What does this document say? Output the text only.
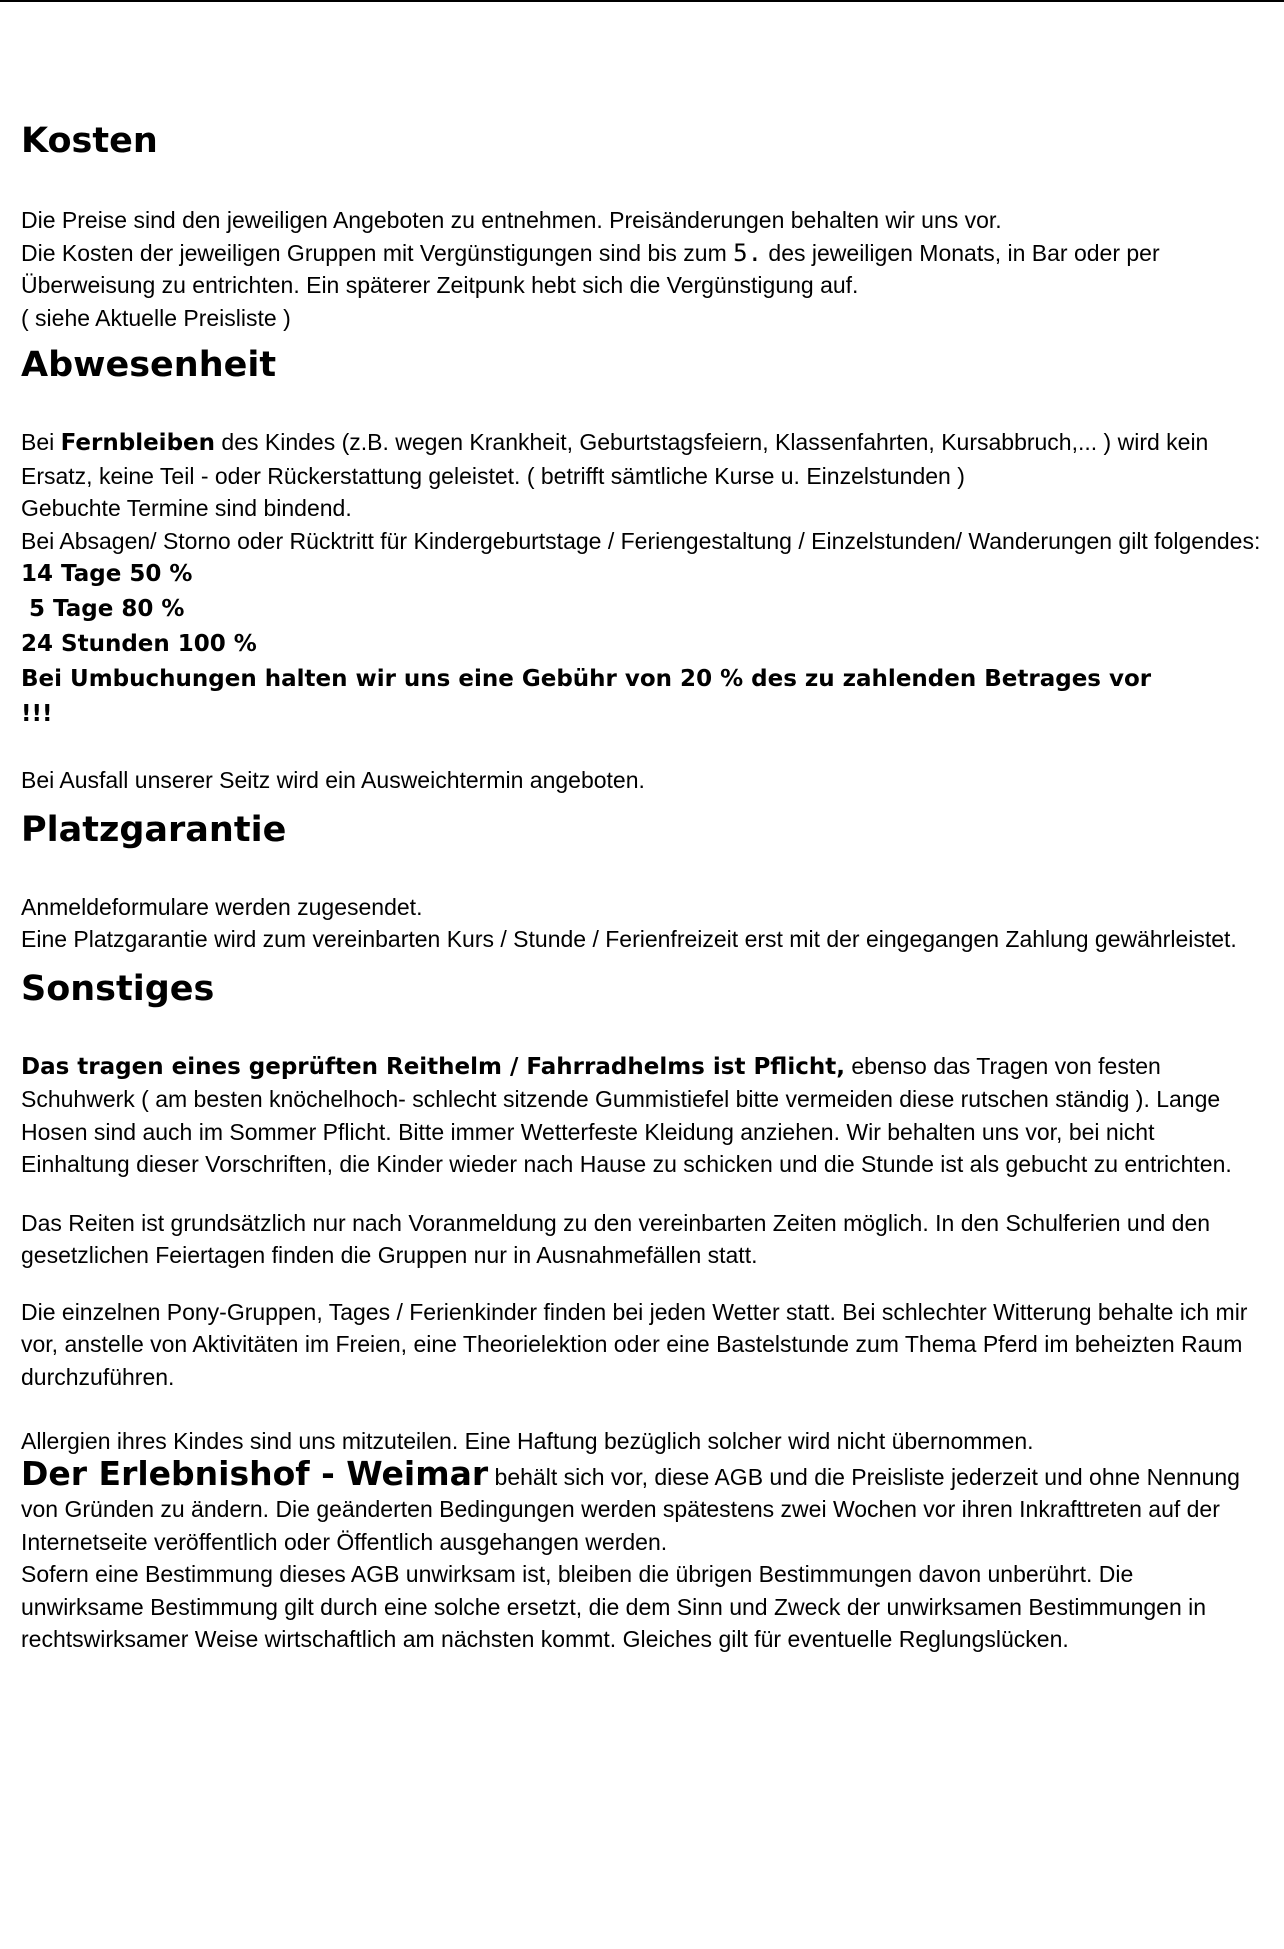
Kosten

Die Preise sind den jeweiligen Angeboten zu entnehmen. Preisänderungen behalten wir uns vor.

Die Kosten der jeweiligen Gruppen mit Vergünstigungen sind bis zum 5. des jeweiligen Monats, in Bar oder per Überweisung zu entrichten. Ein späterer Zeitpunk hebt sich die Vergünstigung auf.

( siehe Aktuelle Preisliste )

Abwesenheit

Bei Fernbleiben des Kindes (z.B. wegen Krankheit, Geburtstagsfeiern, Klassenfahrten, Kursabbruch,... ) wird kein Ersatz, keine Teil - oder Rückerstattung geleistet. ( betrifft sämtliche Kurse u. Einzelstunden )

Gebuchte Termine sind bindend.

Bei Absagen/ Storno oder Rücktritt für Kindergeburtstage / Feriengestaltung / Einzelstunden/ Wanderungen gilt folgendes:

14 Tage 50 %

5 Tage 80 %

24 Stunden 100 %

Bei Umbuchungen halten wir uns eine Gebühr von 20 % des zu zahlenden Betrages vor !!!

Bei Ausfall unserer Seitz wird ein Ausweichtermin angeboten.

Platzgarantie

Anmeldeformulare werden zugesendet.

Eine Platzgarantie wird zum vereinbarten Kurs / Stunde / Ferienfreizeit erst mit der eingegangen Zahlung gewährleistet.

Sonstiges

Das tragen eines geprüften Reithelm / Fahrradhelms ist Pflicht, ebenso das Tragen von festen Schuhwerk ( am besten knöchelhoch- schlecht sitzende Gummistiefel bitte vermeiden diese rutschen ständig ). Lange Hosen sind auch im Sommer Pflicht. Bitte immer Wetterfeste Kleidung anziehen. Wir behalten uns vor, bei nicht Einhaltung dieser Vorschriften, die Kinder wieder nach Hause zu schicken und die Stunde ist als gebucht zu entrichten.

Das Reiten ist grundsätzlich nur nach Voranmeldung zu den vereinbarten Zeiten möglich. In den Schulferien und den gesetzlichen Feiertagen finden die Gruppen nur in Ausnahmefällen statt.

Die einzelnen Pony-Gruppen, Tages / Ferienkinder finden bei jeden Wetter statt. Bei schlechter Witterung behalte ich mir vor, anstelle von Aktivitäten im Freien, eine Theorielektion oder eine Bastelstunde zum Thema Pferd im beheizten Raum durchzuführen.

Allergien ihres Kindes sind uns mitzuteilen. Eine Haftung bezüglich solcher wird nicht übernommen.

Der Erlebnishof - Weimar behält sich vor, diese AGB und die Preisliste jederzeit und ohne Nennung von Gründen zu ändern. Die geänderten Bedingungen werden spätestens zwei Wochen vor ihren Inkrafttreten auf der Internetseite veröffentlich oder Öffentlich ausgehangen werden.

Sofern eine Bestimmung dieses AGB unwirksam ist, bleiben die übrigen Bestimmungen davon unberührt. Die unwirksame Bestimmung gilt durch eine solche ersetzt, die dem Sinn und Zweck der unwirksamen Bestimmungen in rechtswirksamer Weise wirtschaftlich am nächsten kommt. Gleiches gilt für eventuelle Reglungslücken.
